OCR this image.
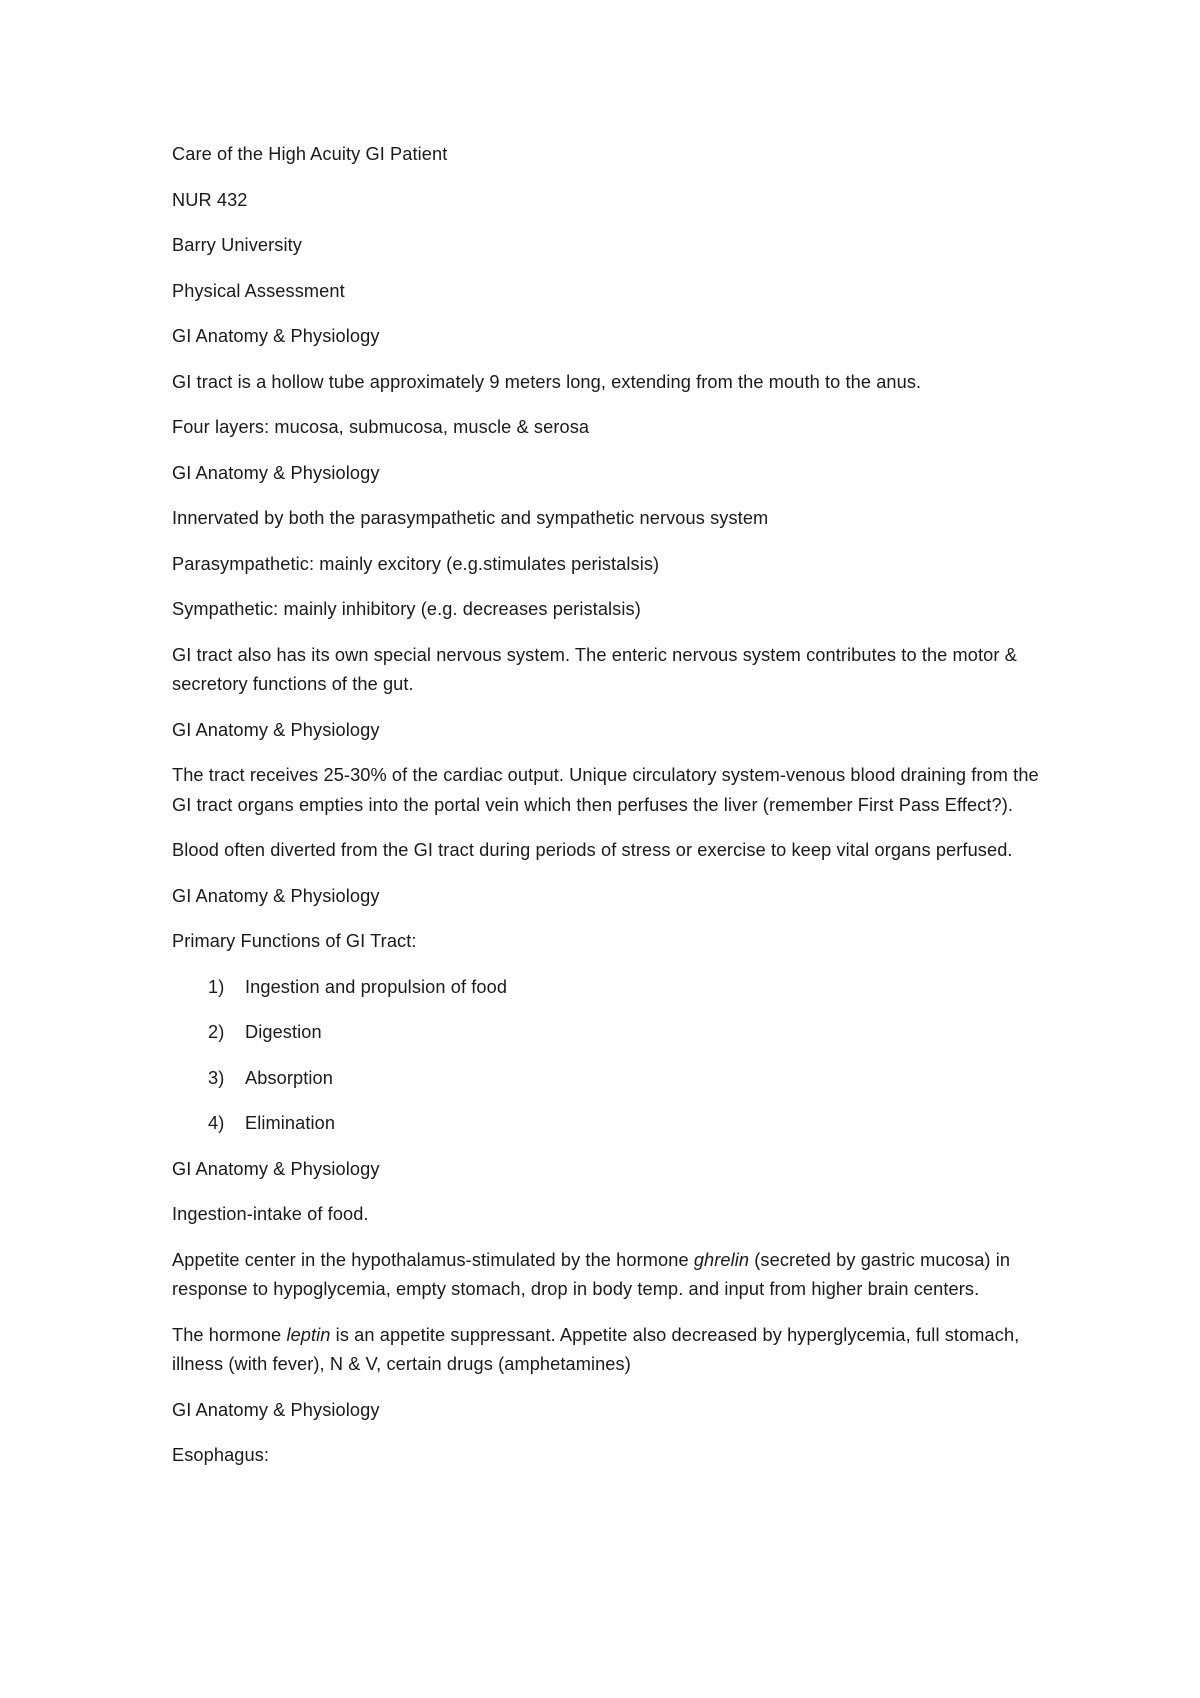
Care of the High Acuity GI Patient

NUR 432

Barry University

Physical Assessment

GI Anatomy & Physiology

GI tract is a hollow tube approximately 9 meters long, extending from the mouth to the anus.

Four layers: mucosa, submucosa, muscle & serosa

GI Anatomy & Physiology

Innervated by both the parasympathetic and sympathetic nervous system

Parasympathetic: mainly excitory (e.g.stimulates peristalsis)

Sympathetic: mainly inhibitory (e.g. decreases peristalsis)

GI tract also has its own special nervous system. The enteric nervous system contributes to the motor & secretory functions of the gut.

GI Anatomy & Physiology

The tract receives 25-30% of the cardiac output. Unique circulatory system-venous blood draining from the GI tract organs empties into the portal vein which then perfuses the liver (remember First Pass Effect?).

Blood often diverted from the GI tract during periods of stress or exercise to keep vital organs perfused.

GI Anatomy & Physiology

Primary Functions of GI Tract:

1) Ingestion and propulsion of food
2) Digestion
3) Absorption
4) Elimination

GI Anatomy & Physiology

Ingestion-intake of food.

Appetite center in the hypothalamus-stimulated by the hormone ghrelin (secreted by gastric mucosa) in response to hypoglycemia, empty stomach, drop in body temp. and input from higher brain centers.

The hormone leptin is an appetite suppressant. Appetite also decreased by hyperglycemia, full stomach, illness (with fever), N & V, certain drugs (amphetamines)

GI Anatomy & Physiology

Esophagus:
